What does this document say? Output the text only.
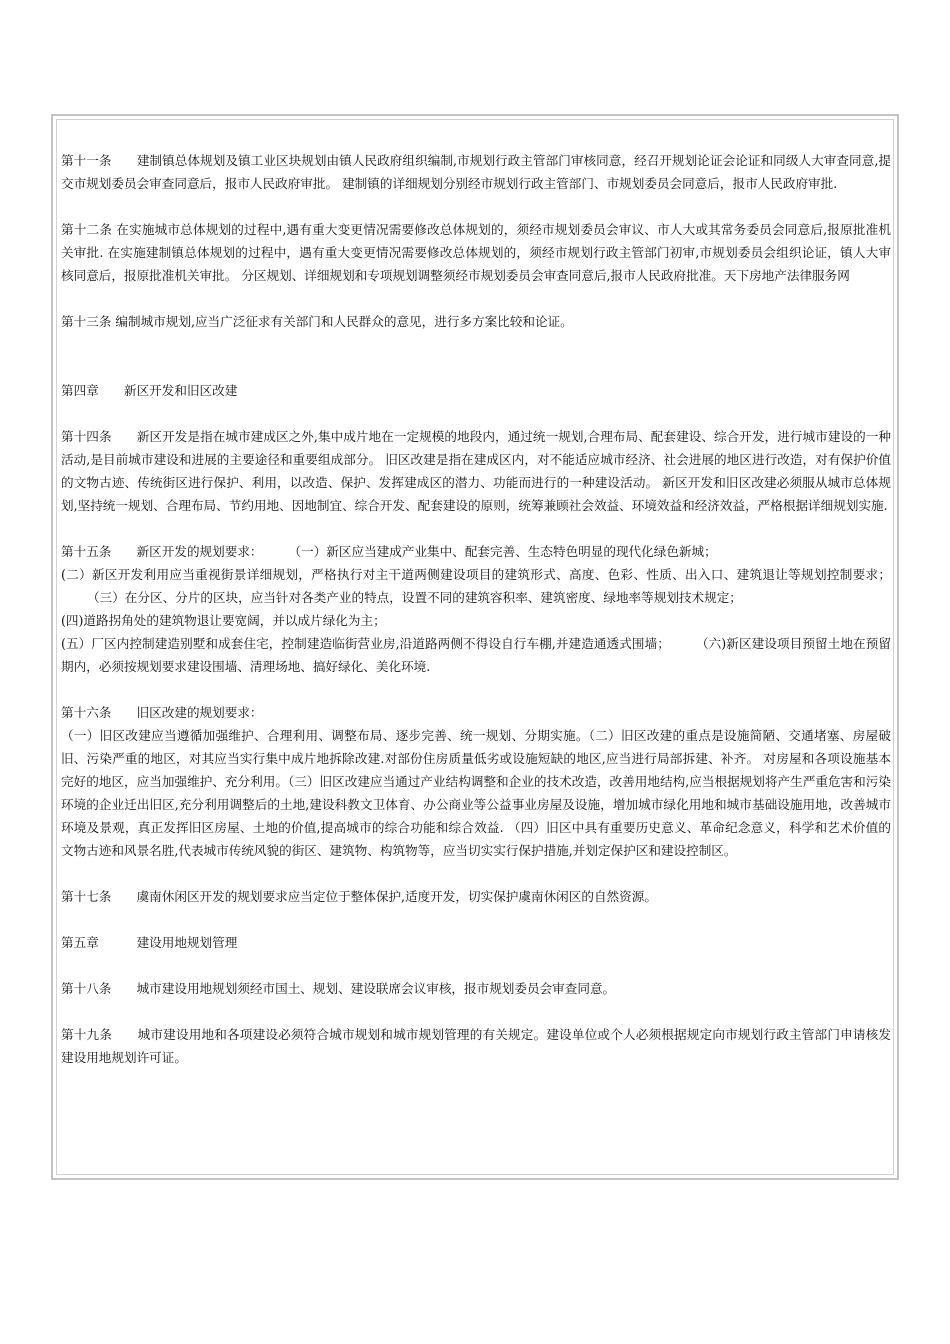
第十一条　　建制镇总体规划及镇工业区块规划由镇人民政府组织编制,市规划行政主管部门审核同意，经召开规划论证会论证和同级人大审查同意,提交市规划委员会审查同意后，报市人民政府审批。 建制镇的详细规划分别经市规划行政主管部门、市规划委员会同意后，报市人民政府审批.

第十二条 在实施城市总体规划的过程中,遇有重大变更情况需要修改总体规划的，须经市规划委员会审议、市人大或其常务委员会同意后,报原批准机关审批. 在实施建制镇总体规划的过程中，遇有重大变更情况需要修改总体规划的，须经市规划行政主管部门初审,市规划委员会组织论证，镇人大审核同意后，报原批准机关审批。 分区规划、详细规划和专项规划调整须经市规划委员会审查同意后,报市人民政府批准。天下房地产法律服务网

第十三条 编制城市规划,应当广泛征求有关部门和人民群众的意见，进行多方案比较和论证。

第四章　　新区开发和旧区改建

第十四条　　新区开发是指在城市建成区之外,集中成片地在一定规模的地段内，通过统一规划,合理布局、配套建设、综合开发，进行城市建设的一种活动,是目前城市建设和进展的主要途径和重要组成部分。 旧区改建是指在建成区内，对不能适应城市经济、社会进展的地区进行改造，对有保护价值的文物古迹、传统街区进行保护、利用，以改造、保护、发挥建成区的潜力、功能而进行的一种建设活动。 新区开发和旧区改建必须服从城市总体规划,坚持统一规划、合理布局、节约用地、因地制宜、综合开发、配套建设的原则，统筹兼顾社会效益、环境效益和经济效益，严格根据详细规划实施.

第十五条　　新区开发的规划要求： （一）新区应当建成产业集中、配套完善、生态特色明显的现代化绿色新城；

(二）新区开发利用应当重视街景详细规划，严格执行对主干道两侧建设项目的建筑形式、高度、色彩、性质、出入口、建筑退让等规划控制要求；（三）在分区、分片的区块，应当针对各类产业的特点，设置不同的建筑容积率、建筑密度、绿地率等规划技术规定；

(四)道路拐角处的建筑物退让要宽阔，并以成片绿化为主；

(五）厂区内控制建造别墅和成套住宅，控制建造临街营业房,沿道路两侧不得设自行车棚,并建造通透式围墙； （六)新区建设项目预留土地在预留期内，必须按规划要求建设围墙、清理场地、搞好绿化、美化环境.

第十六条　　旧区改建的规划要求：

（一）旧区改建应当遵循加强维护、合理利用、调整布局、逐步完善、统一规划、分期实施。（二）旧区改建的重点是设施简陋、交通堵塞、房屋破旧、污染严重的地区，对其应当实行集中成片地拆除改建.对部份住房质量低劣或设施短缺的地区,应当进行局部拆建、补齐。 对房屋和各项设施基本完好的地区，应当加强维护、充分利用。（三）旧区改建应当通过产业结构调整和企业的技术改造，改善用地结构,应当根据规划将产生严重危害和污染环境的企业迁出旧区,充分利用调整后的土地,建设科教文卫体育、办公商业等公益事业房屋及设施，增加城市绿化用地和城市基础设施用地，改善城市环境及景观，真正发挥旧区房屋、土地的价值,提高城市的综合功能和综合效益. （四）旧区中具有重要历史意义、革命纪念意义，科学和艺术价值的文物古迹和风景名胜,代表城市传统风貌的街区、建筑物、构筑物等，应当切实实行保护措施,并划定保护区和建设控制区。

第十七条　　虞南休闲区开发的规划要求应当定位于整体保护,适度开发，切实保护虞南休闲区的自然资源。

第五章　　　建设用地规划管理

第十八条　　城市建设用地规划须经市国土、规划、建设联席会议审核，报市规划委员会审查同意。

第十九条　　城市建设用地和各项建设必须符合城市规划和城市规划管理的有关规定。建设单位或个人必须根据规定向市规划行政主管部门申请核发建设用地规划许可证。
